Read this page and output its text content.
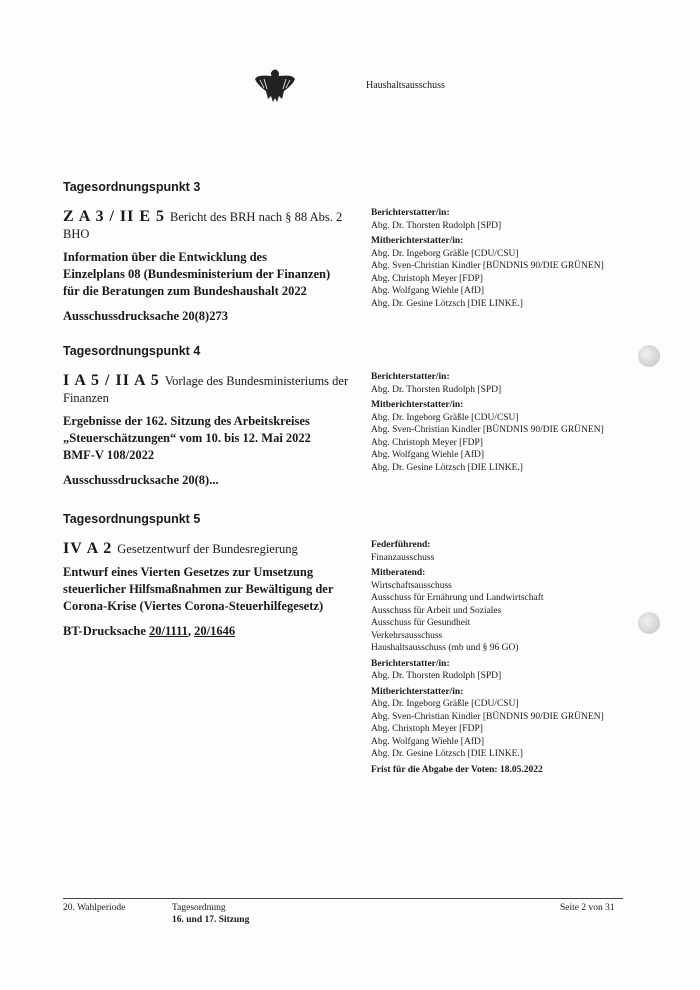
Haushaltsausschuss

Tagesordnungspunkt 3

Z A 3 / II E 5 Bericht des BRH nach § 88 Abs. 2 BHO
Information über die Entwicklung des
Einzelplans 08 (Bundesministerium der Finanzen)
für die Beratungen zum Bundeshaushalt 2022
Ausschussdrucksache 20(8)273
Berichterstatter/in:
Abg. Dr. Thorsten Rudolph [SPD]
Mitberichterstatter/in:
Abg. Dr. Ingeborg Gräßle [CDU/CSU]
Abg. Sven-Christian Kindler [BÜNDNIS 90/DIE GRÜNEN]
Abg. Christoph Meyer [FDP]
Abg. Wolfgang Wiehle [AfD]
Abg. Dr. Gesine Lötzsch [DIE LINKE.]

Tagesordnungspunkt 4

I A 5 / II A 5 Vorlage des Bundesministeriums der Finanzen
Ergebnisse der 162. Sitzung des Arbeitskreises
„Steuerschätzungen“ vom 10. bis 12. Mai 2022
BMF-V 108/2022
Ausschussdrucksache 20(8)...
Berichterstatter/in:
Abg. Dr. Thorsten Rudolph [SPD]
Mitberichterstatter/in:
Abg. Dr. Ingeborg Gräßle [CDU/CSU]
Abg. Sven-Christian Kindler [BÜNDNIS 90/DIE GRÜNEN]
Abg. Christoph Meyer [FDP]
Abg. Wolfgang Wiehle [AfD]
Abg. Dr. Gesine Lötzsch [DIE LINKE.]

Tagesordnungspunkt 5

IV A 2 Gesetzentwurf der Bundesregierung
Entwurf eines Vierten Gesetzes zur Umsetzung
steuerlicher Hilfsmaßnahmen zur Bewältigung der
Corona-Krise (Viertes Corona-Steuerhilfegesetz)
BT-Drucksache 20/1111, 20/1646
Federführend:
Finanzausschuss
Mitberatend:
Wirtschaftsausschuss
Ausschuss für Ernährung und Landwirtschaft
Ausschuss für Arbeit und Soziales
Ausschuss für Gesundheit
Verkehrsausschuss
Haushaltsausschuss (mb und § 96 GO)
Berichterstatter/in:
Abg. Dr. Thorsten Rudolph [SPD]
Mitberichterstatter/in:
Abg. Dr. Ingeborg Gräßle [CDU/CSU]
Abg. Sven-Christian Kindler [BÜNDNIS 90/DIE GRÜNEN]
Abg. Christoph Meyer [FDP]
Abg. Wolfgang Wiehle [AfD]
Abg. Dr. Gesine Lötzsch [DIE LINKE.]
Frist für die Abgabe der Voten: 18.05.2022
20. Wahlperiode	Tagesordnung
16. und 17. Sitzung
Seite 2 von 31
